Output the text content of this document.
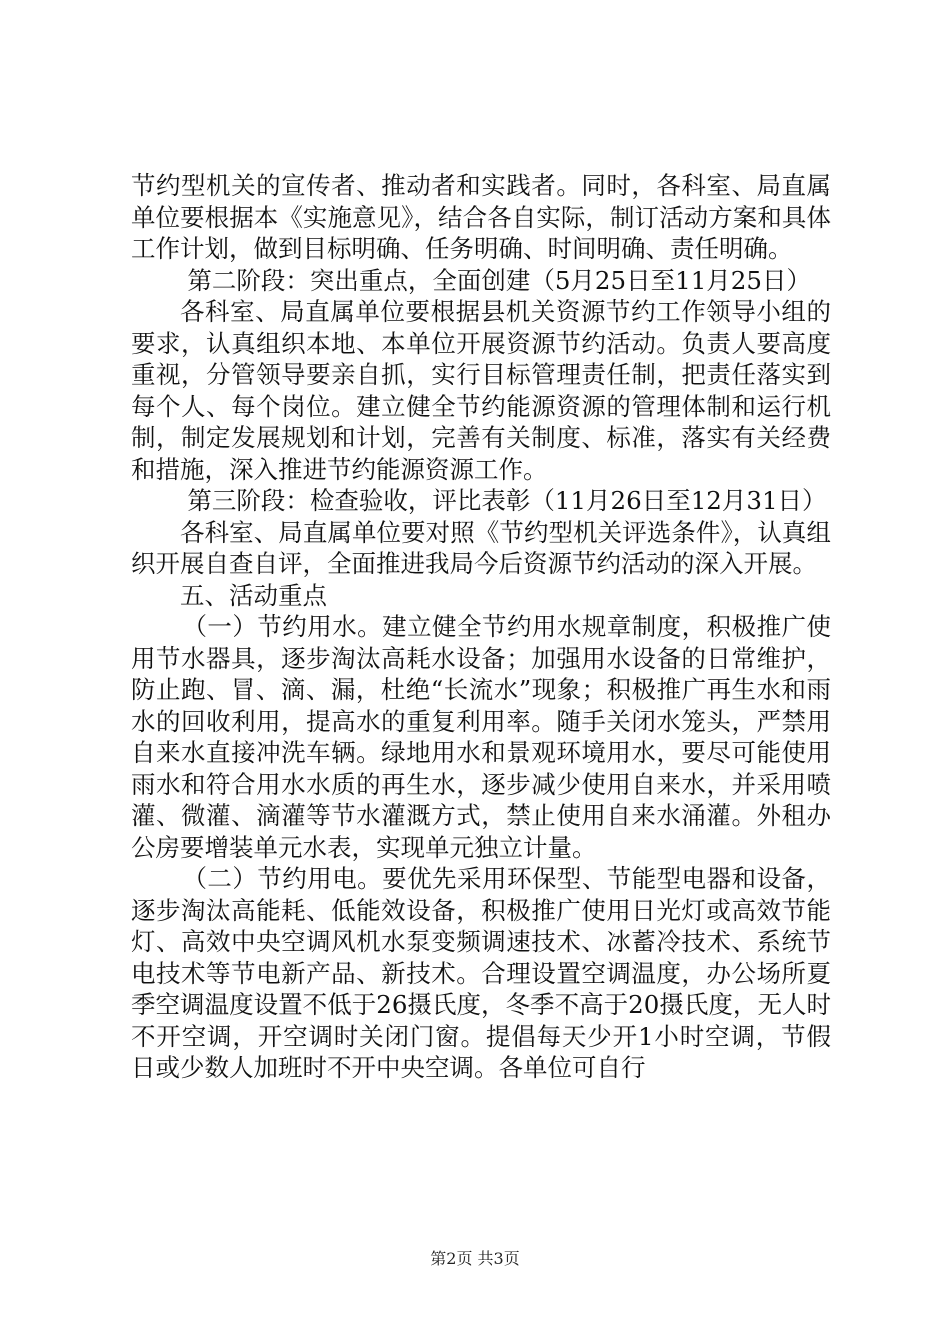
节约型机关的宣传者、推动者和实践者。同时，各科室、局直属单位要根据本《实施意见》，结合各自实际，制订活动方案和具体工作计划，做到目标明确、任务明确、时间明确、责任明确。

第二阶段：突出重点，全面创建（5月25日至11月25日）

各科室、局直属单位要根据县机关资源节约工作领导小组的要求，认真组织本地、本单位开展资源节约活动。负责人要高度重视，分管领导要亲自抓，实行目标管理责任制，把责任落实到每个人、每个岗位。建立健全节约能源资源的管理体制和运行机制，制定发展规划和计划，完善有关制度、标准，落实有关经费和措施，深入推进节约能源资源工作。

第三阶段：检查验收，评比表彰（11月26日至12月31日）

各科室、局直属单位要对照《节约型机关评选条件》，认真组织开展自查自评，全面推进我局今后资源节约活动的深入开展。

五、活动重点

（一）节约用水。建立健全节约用水规章制度，积极推广使用节水器具，逐步淘汰高耗水设备；加强用水设备的日常维护，防止跑、冒、滴、漏，杜绝“长流水”现象；积极推广再生水和雨水的回收利用，提高水的重复利用率。随手关闭水笼头，严禁用自来水直接冲洗车辆。绿地用水和景观环境用水，要尽可能使用雨水和符合用水水质的再生水，逐步减少使用自来水，并采用喷灌、微灌、滴灌等节水灌溉方式，禁止使用自来水涌灌。外租办公房要增装单元水表，实现单元独立计量。

（二）节约用电。要优先采用环保型、节能型电器和设备，逐步淘汰高能耗、低能效设备，积极推广使用日光灯或高效节能灯、高效中央空调风机水泵变频调速技术、冰蓄冷技术、系统节电技术等节电新产品、新技术。合理设置空调温度，办公场所夏季空调温度设置不低于26摄氏度，冬季不高于20摄氏度，无人时不开空调，开空调时关闭门窗。提倡每天少开1小时空调，节假日或少数人加班时不开中央空调。各单位可自行

第2页 共3页
